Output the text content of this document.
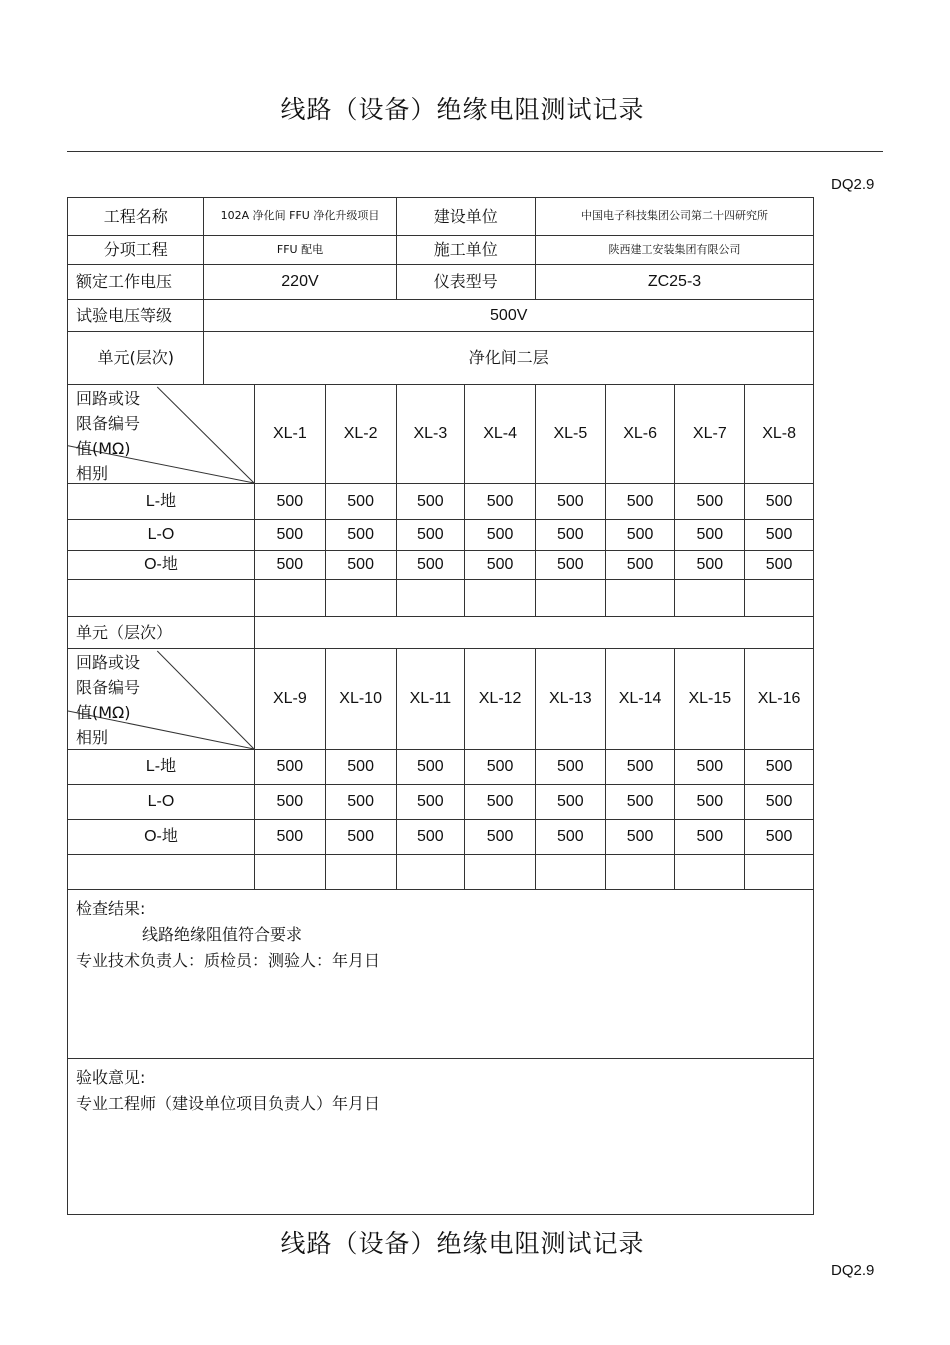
线路（设备）绝缘电阻测试记录
DQ2.9
工程名称	102A 净化间 FFU 净化升级项目			建设单位		中国电子科技集团公司第二十四研究所			
分项工程	FFU 配电			施工单位		陕西建工安装集团有限公司			
额定工作电压	220V			仪表型号		ZC25-3			
试验电压等级	500V								
单元(层次)	净化间二层								

回路或设
限备编号
值(MΩ)
相别		XL-1	XL-2	XL-3	XL-4	XL-5	XL-6	XL-7	XL-8
L-地		500	500	500	500	500	500	500	500
L-O		500	500	500	500	500	500	500	500
O-地		500	500	500	500	500	500	500	500

单元（层次）									

回路或设
限备编号
值(MΩ)
相别		XL-9	XL-10	XL-11	XL-12	XL-13	XL-14	XL-15	XL-16
L-地		500	500	500	500	500	500	500	500
L-O		500	500	500	500	500	500	500	500
O-地		500	500	500	500	500	500	500	500

检查结果:
线路绝缘阻值符合要求
专业技术负责人：质检员：测验人：年月日									

验收意见:
专业工程师（建设单位项目负责人）年月日									
线路（设备）绝缘电阻测试记录
DQ2.9
